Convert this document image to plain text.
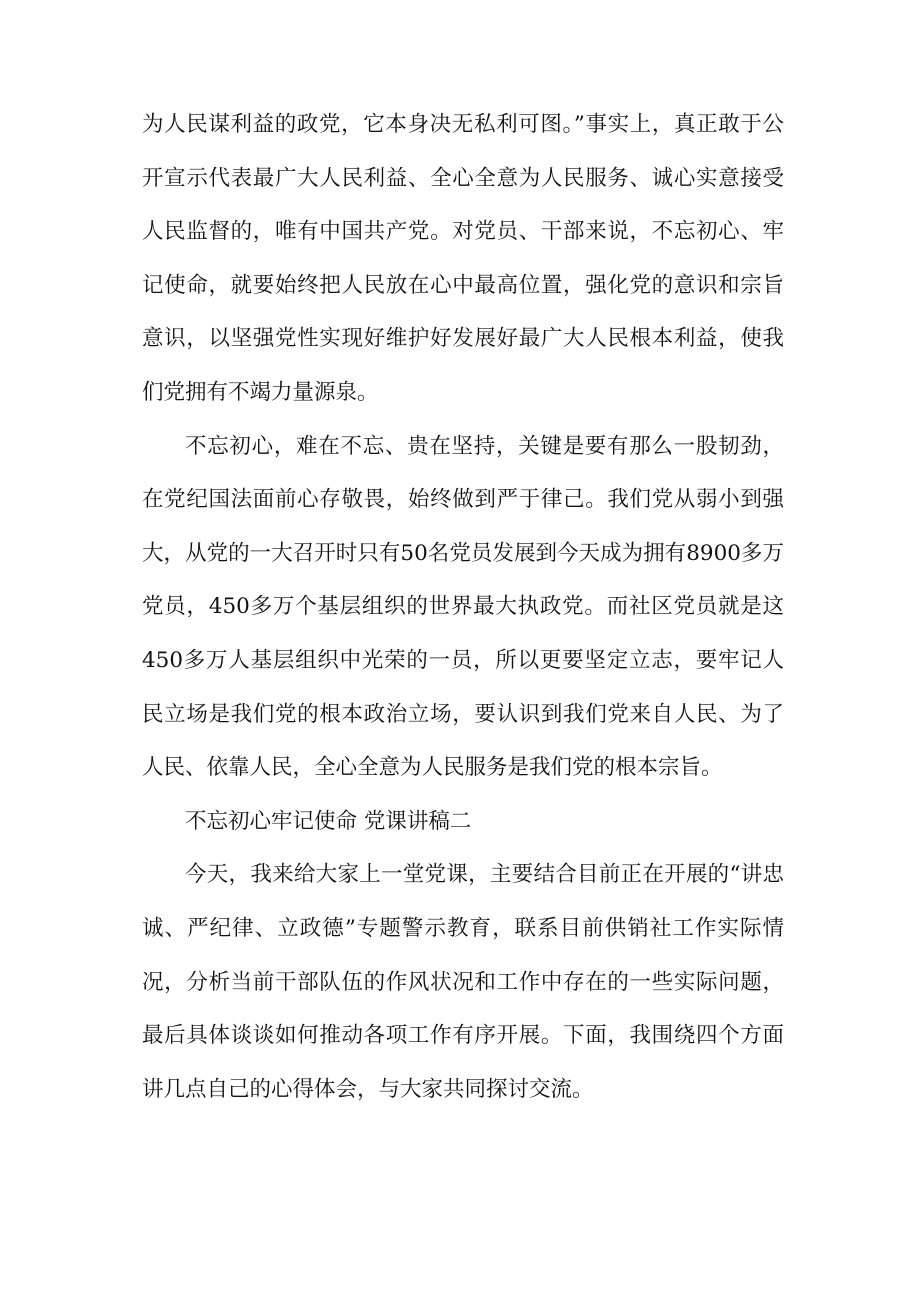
为人民谋利益的政党，它本身决无私利可图。”事实上，真正敢于公开宣示代表最广大人民利益、全心全意为人民服务、诚心实意接受人民监督的，唯有中国共产党。对党员、干部来说，不忘初心、牢记使命，就要始终把人民放在心中最高位置，强化党的意识和宗旨意识，以坚强党性实现好维护好发展好最广大人民根本利益，使我们党拥有不竭力量源泉。

不忘初心，难在不忘、贵在坚持，关键是要有那么一股韧劲，在党纪国法面前心存敬畏，始终做到严于律己。我们党从弱小到强大，从党的一大召开时只有50名党员发展到今天成为拥有8900多万党员，450多万个基层组织的世界最大执政党。而社区党员就是这450多万人基层组织中光荣的一员，所以更要坚定立志，要牢记人民立场是我们党的根本政治立场，要认识到我们党来自人民、为了人民、依靠人民，全心全意为人民服务是我们党的根本宗旨。

不忘初心牢记使命 党课讲稿二

今天，我来给大家上一堂党课，主要结合目前正在开展的“讲忠诚、严纪律、立政德”专题警示教育，联系目前供销社工作实际情况，分析当前干部队伍的作风状况和工作中存在的一些实际问题，最后具体谈谈如何推动各项工作有序开展。下面，我围绕四个方面讲几点自己的心得体会，与大家共同探讨交流。
